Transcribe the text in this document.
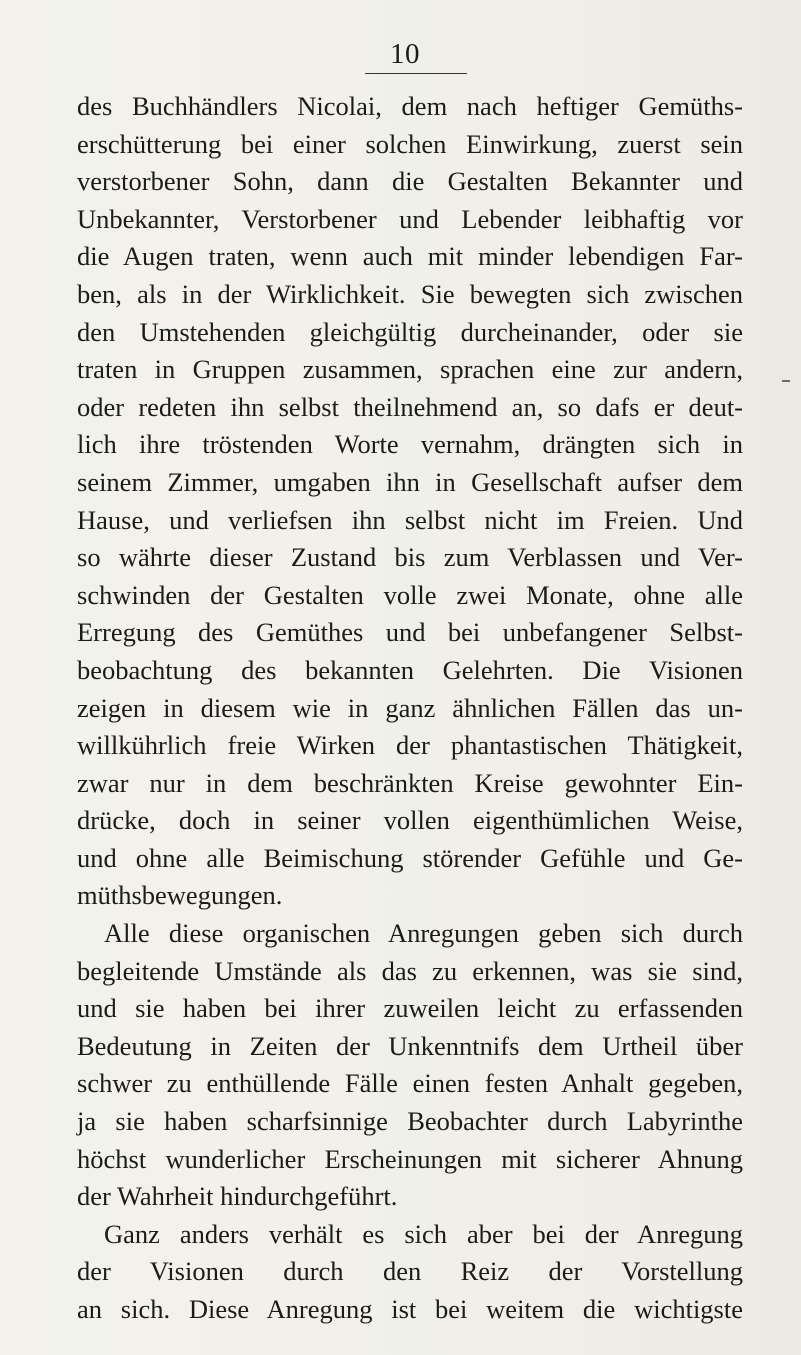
10
des Buchhändlers Nicolai, dem nach heftiger Gemüths-
erschütterung bei einer solchen Einwirkung, zuerst sein
verstorbener Sohn, dann die Gestalten Bekannter und
Unbekannter, Verstorbener und Lebender leibhaftig vor
die Augen traten, wenn auch mit minder lebendigen Far-
ben, als in der Wirklichkeit. Sie bewegten sich zwischen
den Umstehenden gleichgültig durcheinander, oder sie
traten in Gruppen zusammen, sprachen eine zur andern,
oder redeten ihn selbst theilnehmend an, so dafs er deut-
lich ihre tröstenden Worte vernahm, drängten sich in
seinem Zimmer, umgaben ihn in Gesellschaft aufser dem
Hause, und verliefsen ihn selbst nicht im Freien. Und
so währte dieser Zustand bis zum Verblassen und Ver-
schwinden der Gestalten volle zwei Monate, ohne alle
Erregung des Gemüthes und bei unbefangener Selbst-
beobachtung des bekannten Gelehrten. Die Visionen
zeigen in diesem wie in ganz ähnlichen Fällen das un-
willkührlich freie Wirken der phantastischen Thätigkeit,
zwar nur in dem beschränkten Kreise gewohnter Ein-
drücke, doch in seiner vollen eigenthümlichen Weise,
und ohne alle Beimischung störender Gefühle und Ge-
müthsbewegungen.
Alle diese organischen Anregungen geben sich durch
begleitende Umstände als das zu erkennen, was sie sind,
und sie haben bei ihrer zuweilen leicht zu erfassenden
Bedeutung in Zeiten der Unkenntnifs dem Urtheil über
schwer zu enthüllende Fälle einen festen Anhalt gegeben,
ja sie haben scharfsinnige Beobachter durch Labyrinthe
höchst wunderlicher Erscheinungen mit sicherer Ahnung
der Wahrheit hindurchgeführt.
Ganz anders verhält es sich aber bei der Anregung
der Visionen durch den Reiz der Vorstellung
an sich. Diese Anregung ist bei weitem die wichtigste
